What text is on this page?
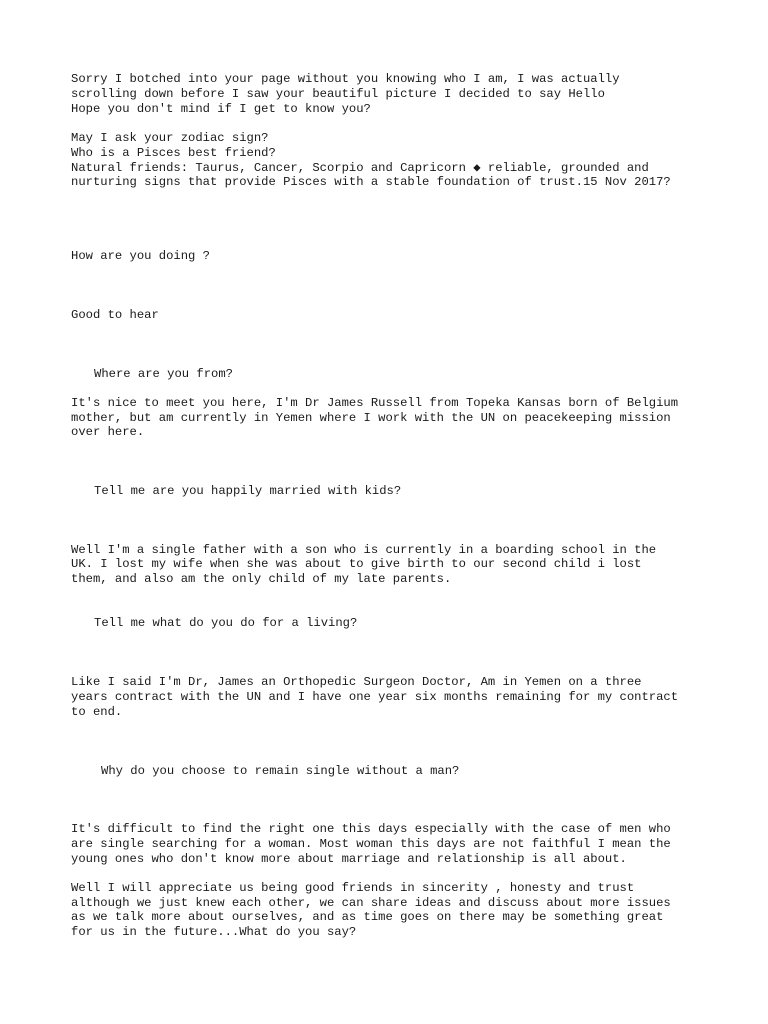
Sorry I botched into your page without you knowing who I am, I was actually

scrolling down before I saw your beautiful picture I decided to say Hello

Hope you don't mind if I get to know you?

May I ask your zodiac sign?

Who is a Pisces best friend?

Natural friends: Taurus, Cancer, Scorpio and Capricorn ◆ reliable, grounded and

nurturing signs that provide Pisces with a stable foundation of trust.15 Nov 2017?

How are you doing ?

Good to hear

Where are you from?

It's nice to meet you here, I'm Dr James Russell from Topeka Kansas born of Belgium

mother, but am currently in Yemen where I work with the UN on peacekeeping mission

over here.

Tell me are you happily married with kids?

Well I'm a single father with a son who is currently in a boarding school in the

UK. I lost my wife when she was about to give birth to our second child i lost

them, and also am the only child of my late parents.

Tell me what do you do for a living?

Like I said I'm Dr, James an Orthopedic Surgeon Doctor, Am in Yemen on a three

years contract with the UN and I have one year six months remaining for my contract

to end.

Why do you choose to remain single without a man?

It's difficult to find the right one this days especially with the case of men who

are single searching for a woman. Most woman this days are not faithful I mean the

young ones who don't know more about marriage and relationship is all about.

Well I will appreciate us being good friends in sincerity , honesty and trust

although we just knew each other, we can share ideas and discuss about more issues

as we talk more about ourselves, and as time goes on there may be something great

for us in the future...What do you say?
